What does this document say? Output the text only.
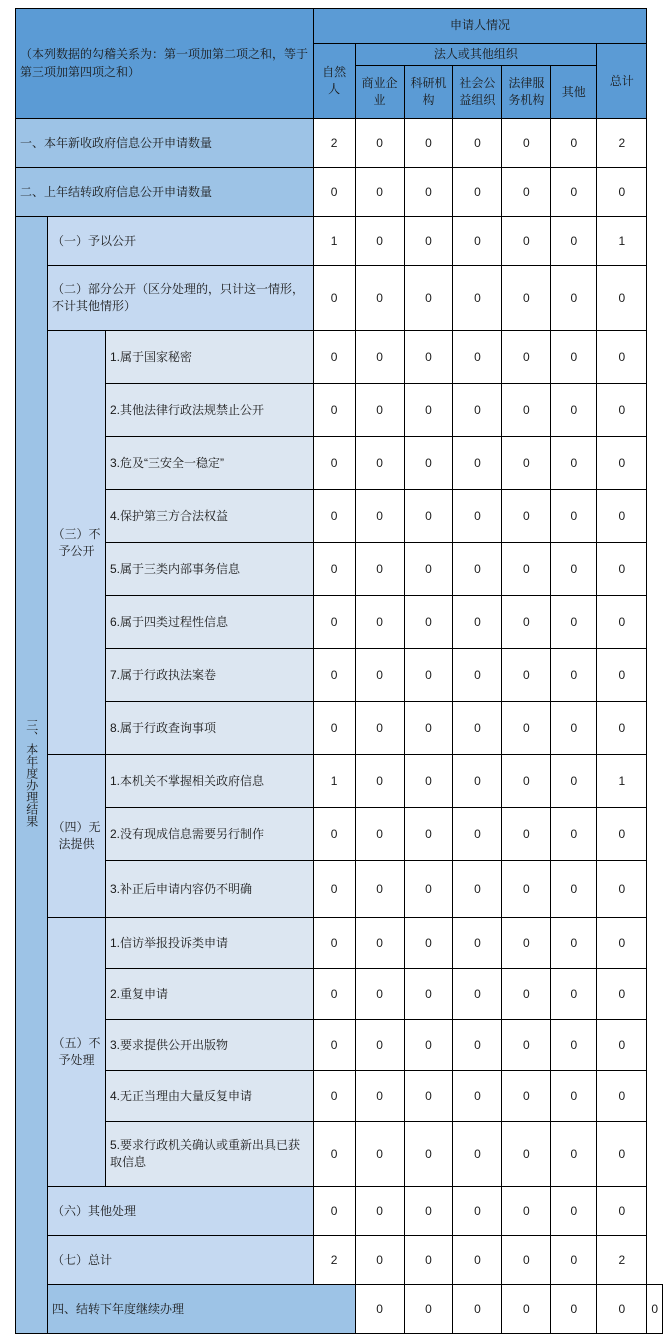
（本列数据的勾稽关系为：第一项加第二项之和，等于第三项加第四项之和）			申请人情况							
			自然人	法人或其他组织					总计	
				商业企业	科研机构	社会公益组织	法律服务机构	其他		
一、本年新收政府信息公开申请数量			2	0	0	0	0	0	2	
二、上年结转政府信息公开申请数量			0	0	0	0	0	0	0	
三、本年度办理结果	（一）予以公开		1	0	0	0	0	0	1	
	（二）部分公开（区分处理的，只计这一情形，不计其他情形）		0	0	0	0	0	0	0	
	（三）不予公开	1.属于国家秘密	0	0	0	0	0	0	0	
		2.其他法律行政法规禁止公开	0	0	0	0	0	0	0	
		3.危及“三安全一稳定”	0	0	0	0	0	0	0	
		4.保护第三方合法权益	0	0	0	0	0	0	0	
		5.属于三类内部事务信息	0	0	0	0	0	0	0	
		6.属于四类过程性信息	0	0	0	0	0	0	0	
		7.属于行政执法案卷	0	0	0	0	0	0	0	
		8.属于行政查询事项	0	0	0	0	0	0	0	
	（四）无法提供	1.本机关不掌握相关政府信息	1	0	0	0	0	0	1	
		2.没有现成信息需要另行制作	0	0	0	0	0	0	0	
		3.补正后申请内容仍不明确	0	0	0	0	0	0	0	
	（五）不予处理	1.信访举报投诉类申请	0	0	0	0	0	0	0	
		2.重复申请	0	0	0	0	0	0	0	
		3.要求提供公开出版物	0	0	0	0	0	0	0	
		4.无正当理由大量反复申请	0	0	0	0	0	0	0	
		5.要求行政机关确认或重新出具已获取信息	0	0	0	0	0	0	0	
	（六）其他处理		0	0	0	0	0	0	0	
	（七）总计		2	0	0	0	0	0	2	
	四、结转下年度继续办理			0	0	0	0	0	0	0
